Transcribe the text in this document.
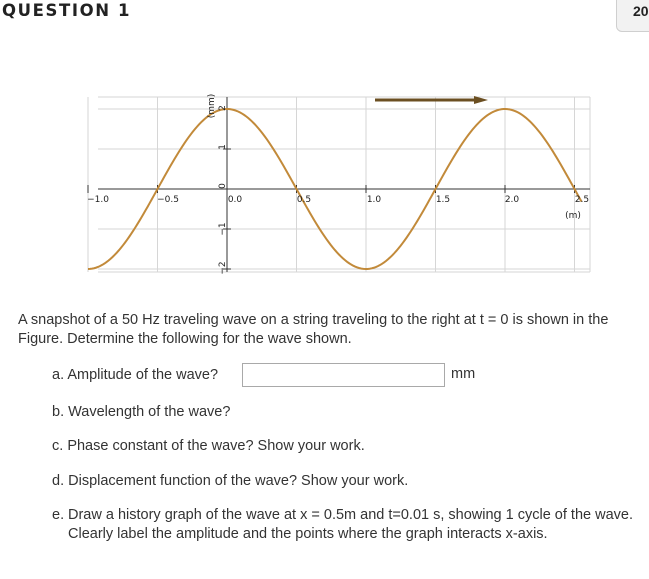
QUESTION 1	20
−1.0	−0.5	0.0	0.5	1.0	1.5	2.0	2.5
(m)
2
1
0
−1
−2
(mm)
A snapshot of a 50 Hz traveling wave on a string traveling to the right at t = 0 is shown in the Figure. Determine the following for the wave shown.
a. Amplitude of the wave?	mm
b. Wavelength of the wave?
c. Phase constant of the wave? Show your work.
d. Displacement function of the wave? Show your work.
e. Draw a history graph of the wave at x = 0.5m and t=0.01 s, showing 1 cycle of the wave. Clearly label the amplitude and the points where the graph interacts x-axis.
